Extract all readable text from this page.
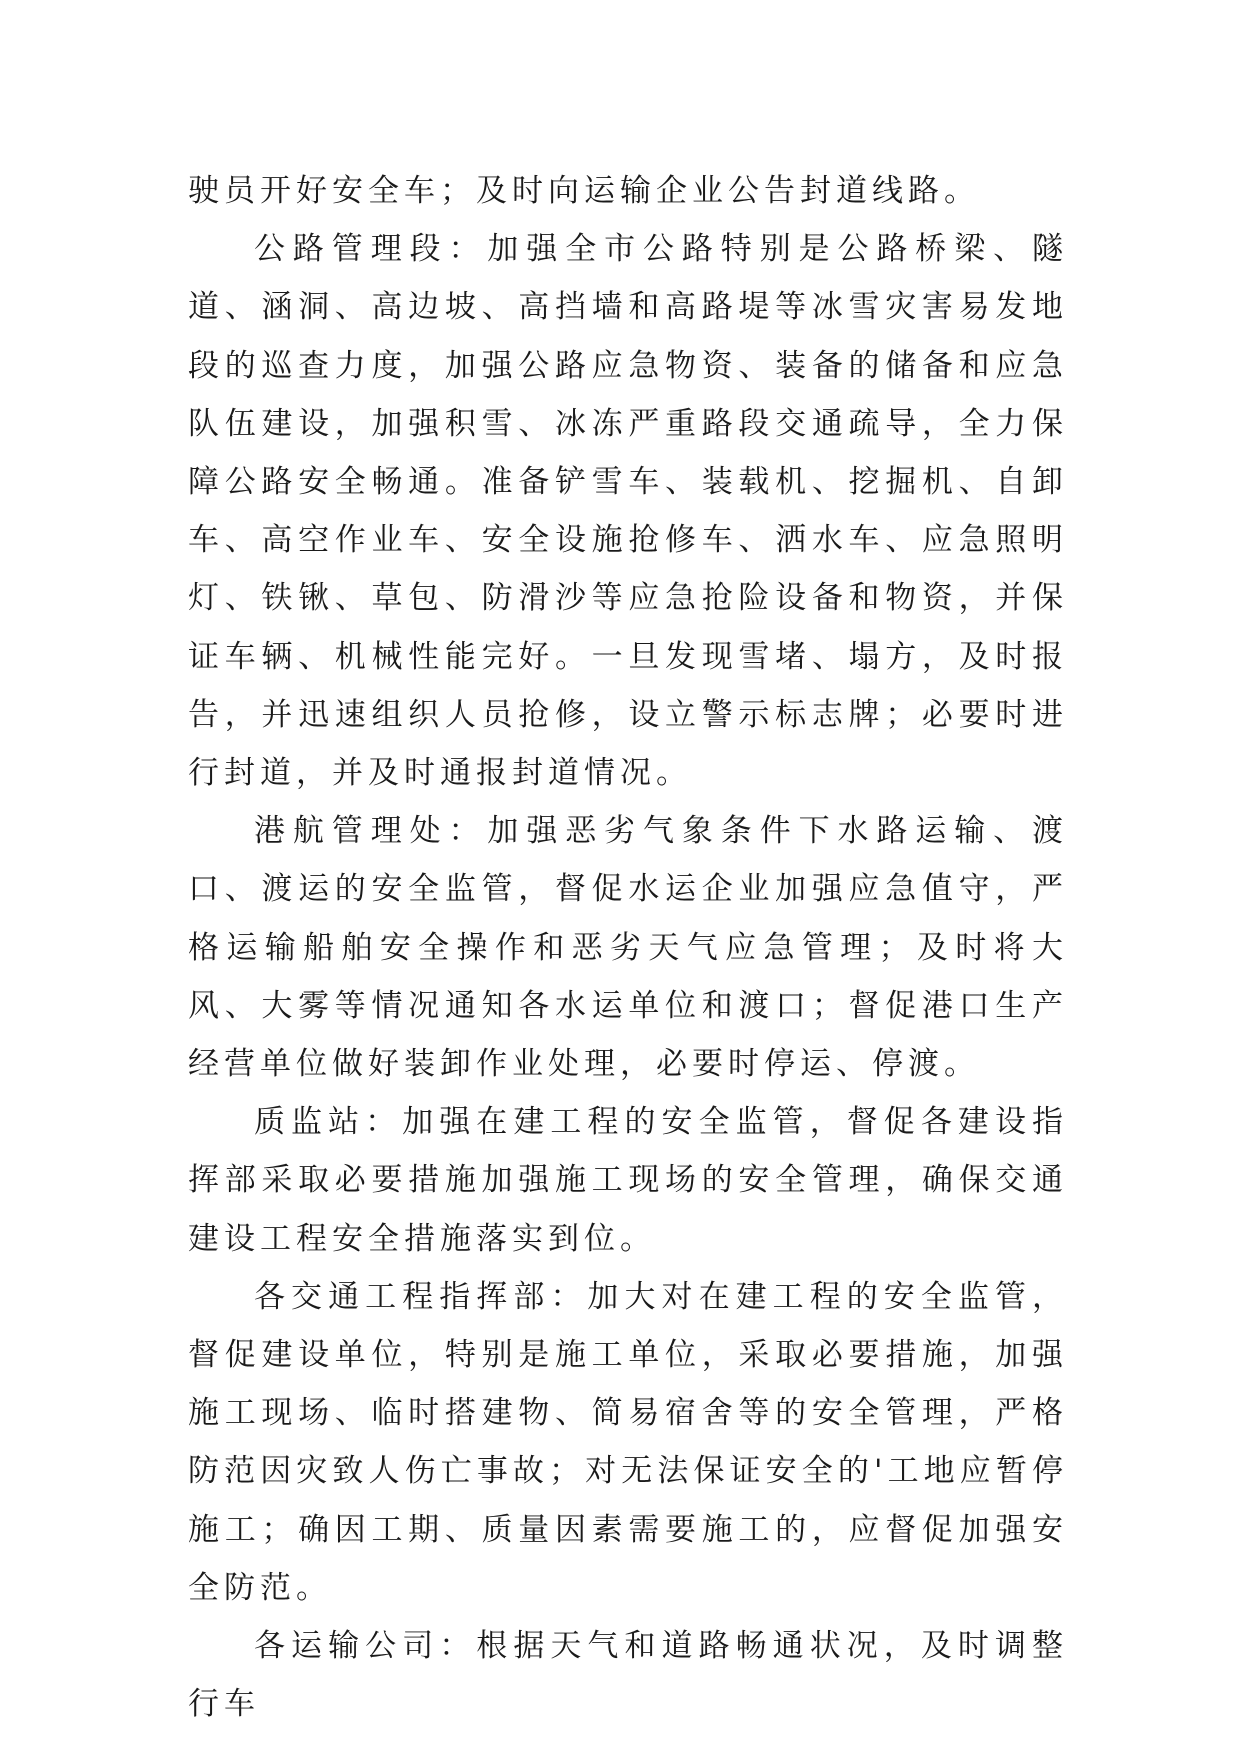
驶员开好安全车；及时向运输企业公告封道线路。

公路管理段：加强全市公路特别是公路桥梁、隧道、涵洞、高边坡、高挡墙和高路堤等冰雪灾害易发地段的巡查力度，加强公路应急物资、装备的储备和应急队伍建设，加强积雪、冰冻严重路段交通疏导，全力保障公路安全畅通。准备铲雪车、装载机、挖掘机、自卸车、高空作业车、安全设施抢修车、洒水车、应急照明灯、铁锹、草包、防滑沙等应急抢险设备和物资，并保证车辆、机械性能完好。一旦发现雪堵、塌方，及时报告，并迅速组织人员抢修，设立警示标志牌；必要时进行封道，并及时通报封道情况。

港航管理处：加强恶劣气象条件下水路运输、渡口、渡运的安全监管，督促水运企业加强应急值守，严格运输船舶安全操作和恶劣天气应急管理；及时将大风、大雾等情况通知各水运单位和渡口；督促港口生产经营单位做好装卸作业处理，必要时停运、停渡。

质监站：加强在建工程的安全监管，督促各建设指挥部采取必要措施加强施工现场的安全管理，确保交通建设工程安全措施落实到位。

各交通工程指挥部：加大对在建工程的安全监管，督促建设单位，特别是施工单位，采取必要措施，加强施工现场、临时搭建物、简易宿舍等的安全管理，严格防范因灾致人伤亡事故；对无法保证安全的'工地应暂停施工；确因工期、质量因素需要施工的，应督促加强安全防范。

各运输公司：根据天气和道路畅通状况，及时调整行车
